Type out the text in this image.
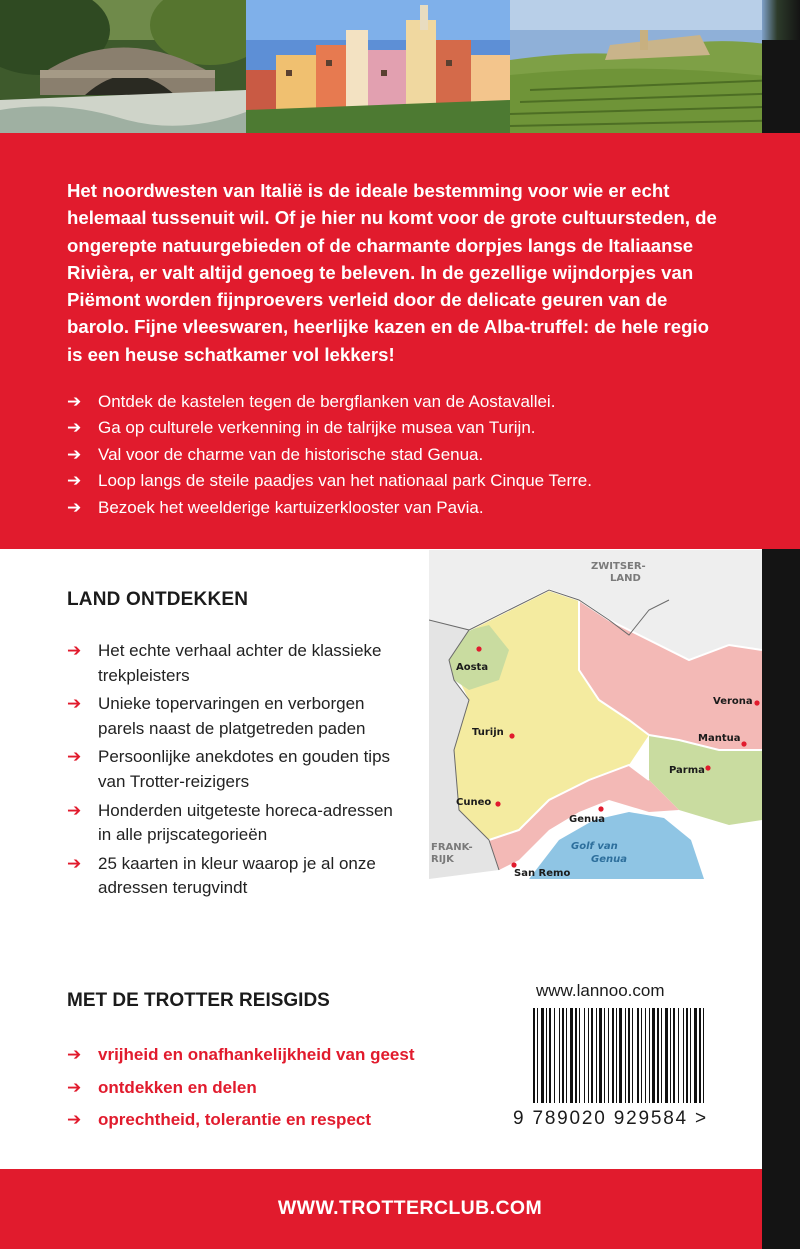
Het noordwesten van Italië is de ideale bestemming voor wie er echt helemaal tussenuit wil. Of je hier nu komt voor de grote cultuursteden, de ongerepte natuurgebieden of de charmante dorpjes langs de Italiaanse Rivièra, er valt altijd genoeg te beleven. In de gezellige wijndorpjes van Piëmont worden fijnproevers verleid door de delicate geuren van de barolo. Fijne vleeswaren, heerlijke kazen en de Alba-truffel: de hele regio is een heuse schatkamer vol lekkers!

➔ Ontdek de kastelen tegen de bergflanken van de Aostavallei.
➔ Ga op culturele verkenning in de talrijke musea van Turijn.
➔ Val voor de charme van de historische stad Genua.
➔ Loop langs de steile paadjes van het nationaal park Cinque Terre.
➔ Bezoek het weelderige kartuizerklooster van Pavia.
LAND ONTDEKKEN
➔ Het echte verhaal achter de klassieke trekpleisters
➔ Unieke topervaringen en verborgen parels naast de platgetreden paden
➔ Persoonlijke anekdotes en gouden tips van Trotter-reizigers
➔ Honderden uitgeteste horeca-adressen in alle prijscategorieën
➔ 25 kaarten in kleur waarop je al onze adressen terugvindt
ZWITSER-
LAND
FRANK-
RIJK
Golf van
Genua
Aosta
Verona
Turijn
Mantua
Parma
Cuneo
Genua
San Remo
MET DE TROTTER REISGIDS
➔ vrijheid en onafhankelijkheid van geest
➔ ontdekken en delen
➔ oprechtheid, tolerantie en respect
www.lannoo.com
9 789020 929584 >
WWW.TROTTERCLUB.COM
